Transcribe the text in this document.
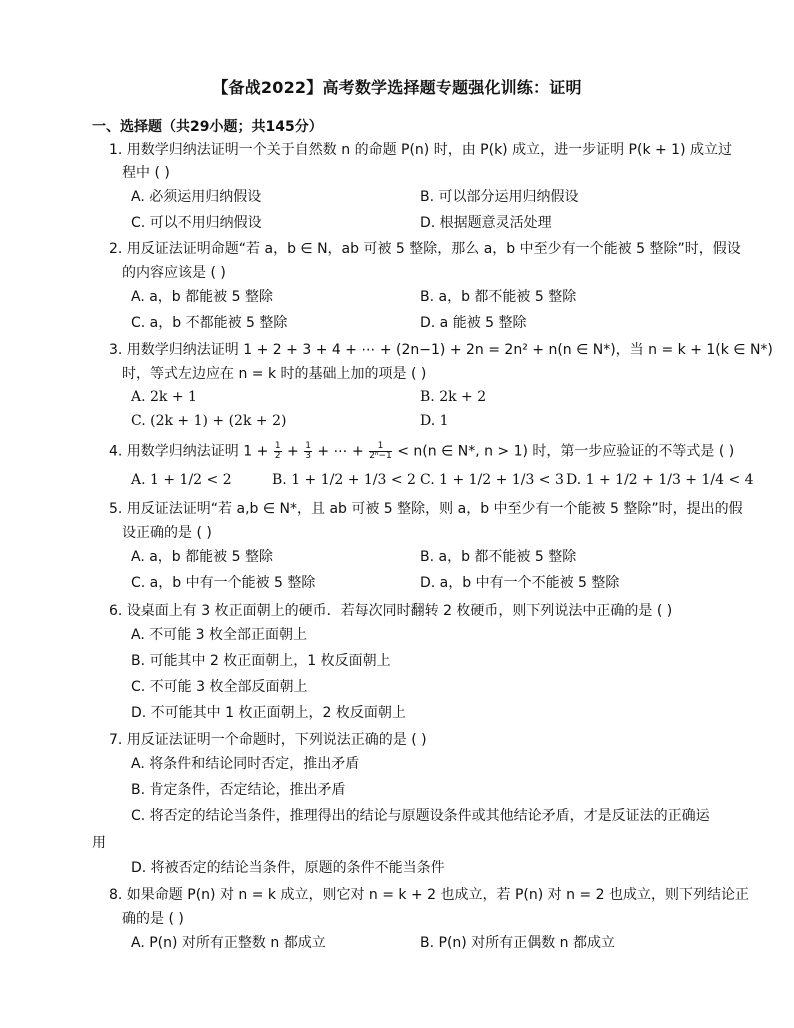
【备战2022】高考数学选择题专题强化训练：证明
一、选择题（共29小题；共145分）
1. 用数学归纳法证明一个关于自然数 n 的命题 P(n) 时，由 P(k) 成立，进一步证明 P(k + 1) 成立过
程中 ( )
A. 必须运用归纳假设	B. 可以部分运用归纳假设
C. 可以不用归纳假设	D. 根据题意灵活处理
2. 用反证法证明命题“若 a，b ∈ N，ab 可被 5 整除，那么 a，b 中至少有一个能被 5 整除”时，假设
的内容应该是 ( )
A. a，b 都能被 5 整除	B. a，b 都不能被 5 整除
C. a，b 不都能被 5 整除	D. a 能被 5 整除
3. 用数学归纳法证明 1 + 2 + 3 + 4 + ⋯ + (2n−1) + 2n = 2n² + n(n ∈ N*)，当 n = k + 1(k ∈ N*)
时，等式左边应在 n = k 时的基础上加的项是 ( )
A. 2k + 1	B. 2k + 2
C. (2k + 1) + (2k + 2)	D. 1
4. 用数学归纳法证明 $1 + \frac{1}{2} + \frac{1}{3}$ + ⋯ + $\frac{1}{\text{2ⁿ−1}} < n(n$ ∈ N*, n > 1) 时，第一步应验证的不等式是 ( )
A. 1 + 1/2 < 2	B. 1 + 1/2 + 1/3 < 2 C. 1 + 1/2 + 1/3 < 3 D. 1 + 1/2 + 1/3 + 1/4 < 4
5. 用反证法证明“若 a,b ∈ N*，且 ab 可被 5 整除，则 a，b 中至少有一个能被 5 整除”时，提出的假
设正确的是 ( )
A. a，b 都能被 5 整除	B. a，b 都不能被 5 整除
C. a，b 中有一个能被 5 整除	D. a，b 中有一个不能被 5 整除
6. 设桌面上有 3 枚正面朝上的硬币．若每次同时翻转 2 枚硬币，则下列说法中正确的是 ( )
A. 不可能 3 枚全部正面朝上
B. 可能其中 2 枚正面朝上，1 枚反面朝上
C. 不可能 3 枚全部反面朝上
D. 不可能其中 1 枚正面朝上，2 枚反面朝上
7. 用反证法证明一个命题时，下列说法正确的是 ( )
A. 将条件和结论同时否定，推出矛盾
B. 肯定条件，否定结论，推出矛盾
C. 将否定的结论当条件，推理得出的结论与原题设条件或其他结论矛盾，才是反证法的正确运
用
D. 将被否定的结论当条件，原题的条件不能当条件
8. 如果命题 P(n) 对 n = k 成立，则它对 n = k + 2 也成立，若 P(n) 对 n = 2 也成立，则下列结论正
确的是 ( )
A. P(n) 对所有正整数 n 都成立	B. P(n) 对所有正偶数 n 都成立
